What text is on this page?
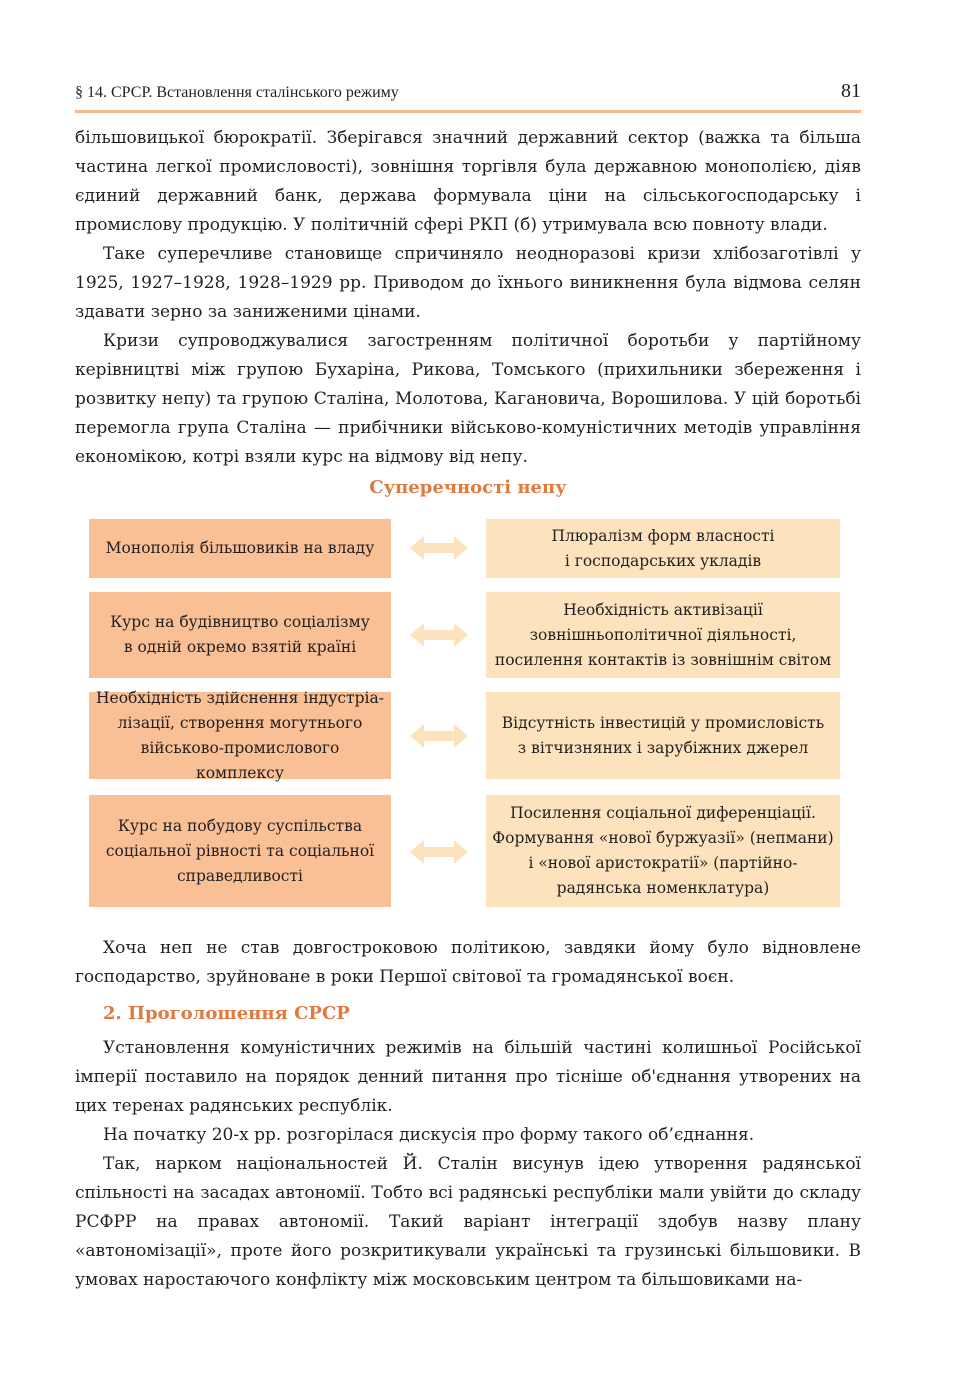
§ 14. СРСР. Встановлення сталінського режиму	81

більшовицької бюрократії. Зберігався значний державний сектор (важка та більша частина легкої промисловості), зовнішня торгівля була державною монополією, діяв єдиний державний банк, держава формувала ціни на сільськогосподарську і промислову продукцію. У політичній сфері РКП (б) утримувала всю повноту влади.

Таке суперечливе становище спричиняло неодноразові кризи хлібозаготівлі у 1925, 1927–1928, 1928–1929 рр. Приводом до їхнього виникнення була відмова селян здавати зерно за заниженими цінами.

Кризи супроводжувалися загостренням політичної боротьби у партійному керівництві між групою Бухаріна, Рикова, Томського (прихильники збереження і розвитку непу) та групою Сталіна, Молотова, Кагановича, Ворошилова. У цій боротьбі перемогла група Сталіна — прибічники військово-комуністичних методів управління економікою, котрі взяли курс на відмову від непу.

Суперечності непу
Монополія більшовиків на владу
Плюралізм форм власності
і господарських укладів
Курс на будівництво соціалізму
в одній окремо взятій країні
Необхідність активізації
зовнішньополітичної діяльності,
посилення контактів із зовнішнім світом
Необхідність здійснення індустріа-
лізації, створення могутнього
військово-промислового комплексу
Відсутність інвестицій у промисловість
з вітчизняних і зарубіжних джерел
Курс на побудову суспільства
соціальної рівності та соціальної
справедливості
Посилення соціальної диференціації.
Формування «нової буржуазії» (непмани)
і «нової аристократії» (партійно-
радянська номенклатура)

Хоча неп не став довгостроковою політикою, завдяки йому було відновлене господарство, зруйноване в роки Першої світової та громадянської воєн.

2. Проголошення СРСР

Установлення комуністичних режимів на більшій частині колишньої Російської імперії поставило на порядок денний питання про тісніше об'єднання утворених на цих теренах радянських республік.

На початку 20-х рр. розгорілася дискусія про форму такого об’єднання.

Так, нарком національностей Й. Сталін висунув ідею утворення радянської спільності на засадах автономії. Тобто всі радянські республіки мали увійти до складу РСФРР на правах автономії. Такий варіант інтеграції здобув назву плану «автономізації», проте його розкритикували українські та грузинські більшовики. В умовах наростаючого конфлікту між московським центром та більшовиками на-
